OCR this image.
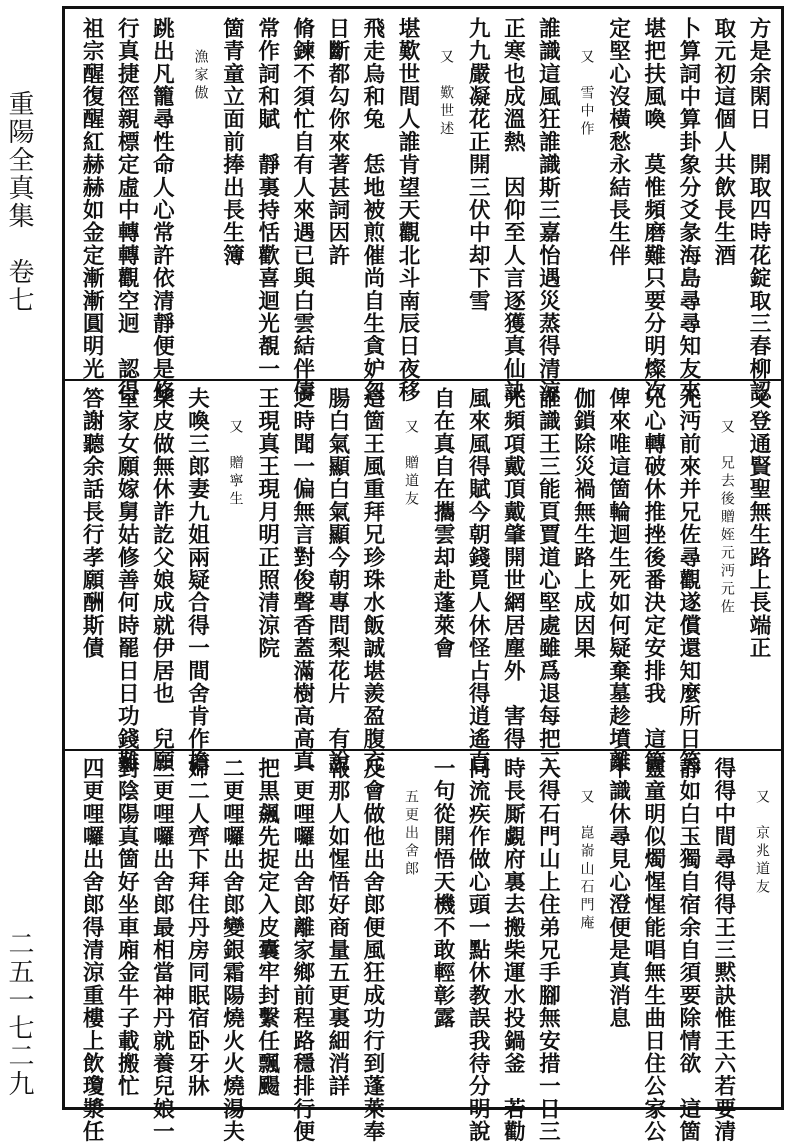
重陽全真集　卷七
二五一七二九
方是余閑日　開取四時花錠取三春柳認
取元初這個人共飲長生酒
卜算詞中算卦象分爻彖海島尋尋知友來
堪把扶風喚　莫惟頻磨難只要分明燦次
定堅心沒橫愁永結長生伴
又　雪中作
誰識這風狂誰識斯三嘉怡遇災蒸得清涼
正寒也成溫熱　因仰至人言逐獲真仙訣
九九嚴凝花正開三伏中却下雪
又　歎世述
堪歎世間人誰肯望天觀北斗南辰日夜移
飛走烏和兔　恁地被煎催尚自生貪妒忽
日斷都勾你來著甚詞因許
脩鍊不須忙自有人來遇已與白雲結伴儔
常作詞和賦　靜裏持恬歡喜迴光覩一
箇青童立面前捧出長生簿
漁家傲
跳出凡籠尋性命人心常許依清靜便是修
行真捷徑親標定虛中轉轉觀空迥　認得
祖宗醒復醒紅赫赫如金定漸漸圓明光
又登通賢聖無生路上長端正
又　兄去後贈姪元沔元佐
元沔前來并兄佐尋觀遂償還知麼所日笑
兄心轉破休推挫後番決定安排我　這箇
俾來唯這箇輪迴生死如何疑棄墓趁墳離
伽鎖除災禍無生路上成因果
誰識王三能頁賈道心堅處雖爲退每把三
光頻項戴頂戴肇開世網居塵外　害得
風來風得賦今朝錢覓人休怪占得逍遙直
自在真自在攜雲却赴蓬萊會
又　贈道友
這箇王風重拜兄珍珠水飯誠堪羨盈腹充
腸白氣顯白氣顯今朝專問梨花片　有說
之時聞一偏無言對俊聲香蓋滿樹高高真
王現真王現月明正照清涼院
又　贈寧生
夫喚三郎妻九姐兩疑合得一間舍肯作擔
架皮做無休詐訖父娘成就伊居也　兒願
室家女願嫁舅姑修善何時罷日日功錢難
答謝聽余話長行孝願酬斯債
又　京兆道友
得得中間尋得得王三黙訣惟王六若要清
靜如白玉獨自宿余自須要除情欲　這箇
靈童明似燭惺惺能唱無生曲日住公家公
不識休尋見心澄便是真消息
又　崑嵛山石門庵
入得石門山上住弟兄手腳無安措一日三
時長厮覷府裏去搬柴運水投鍋釜　若勸
同流疾作做心頭一點休教誤我待分明說
一句從開悟天機不敢輕彰露
五更出舍郎
反會做他出舍郎便風狂成功行到蓬萊奉
報那人如惺悟好商量五更裏細消詳
一更哩囉出舍郎離家鄉前程路穩排行便
把黒飆先捉定入皮囊牢封繫任飄颺
二更哩囉出舍郎變銀霜陽燒火火燒湯夫
婦二人齊下拜住丹房同眠宿卧牙牀
三更哩囉出舍郎最相當神丹就養兒娘一
對陰陽真箇好坐車廂金牛子載搬忙
四更哩囉出舍郎得清涼重樓上飲瓊漿任
